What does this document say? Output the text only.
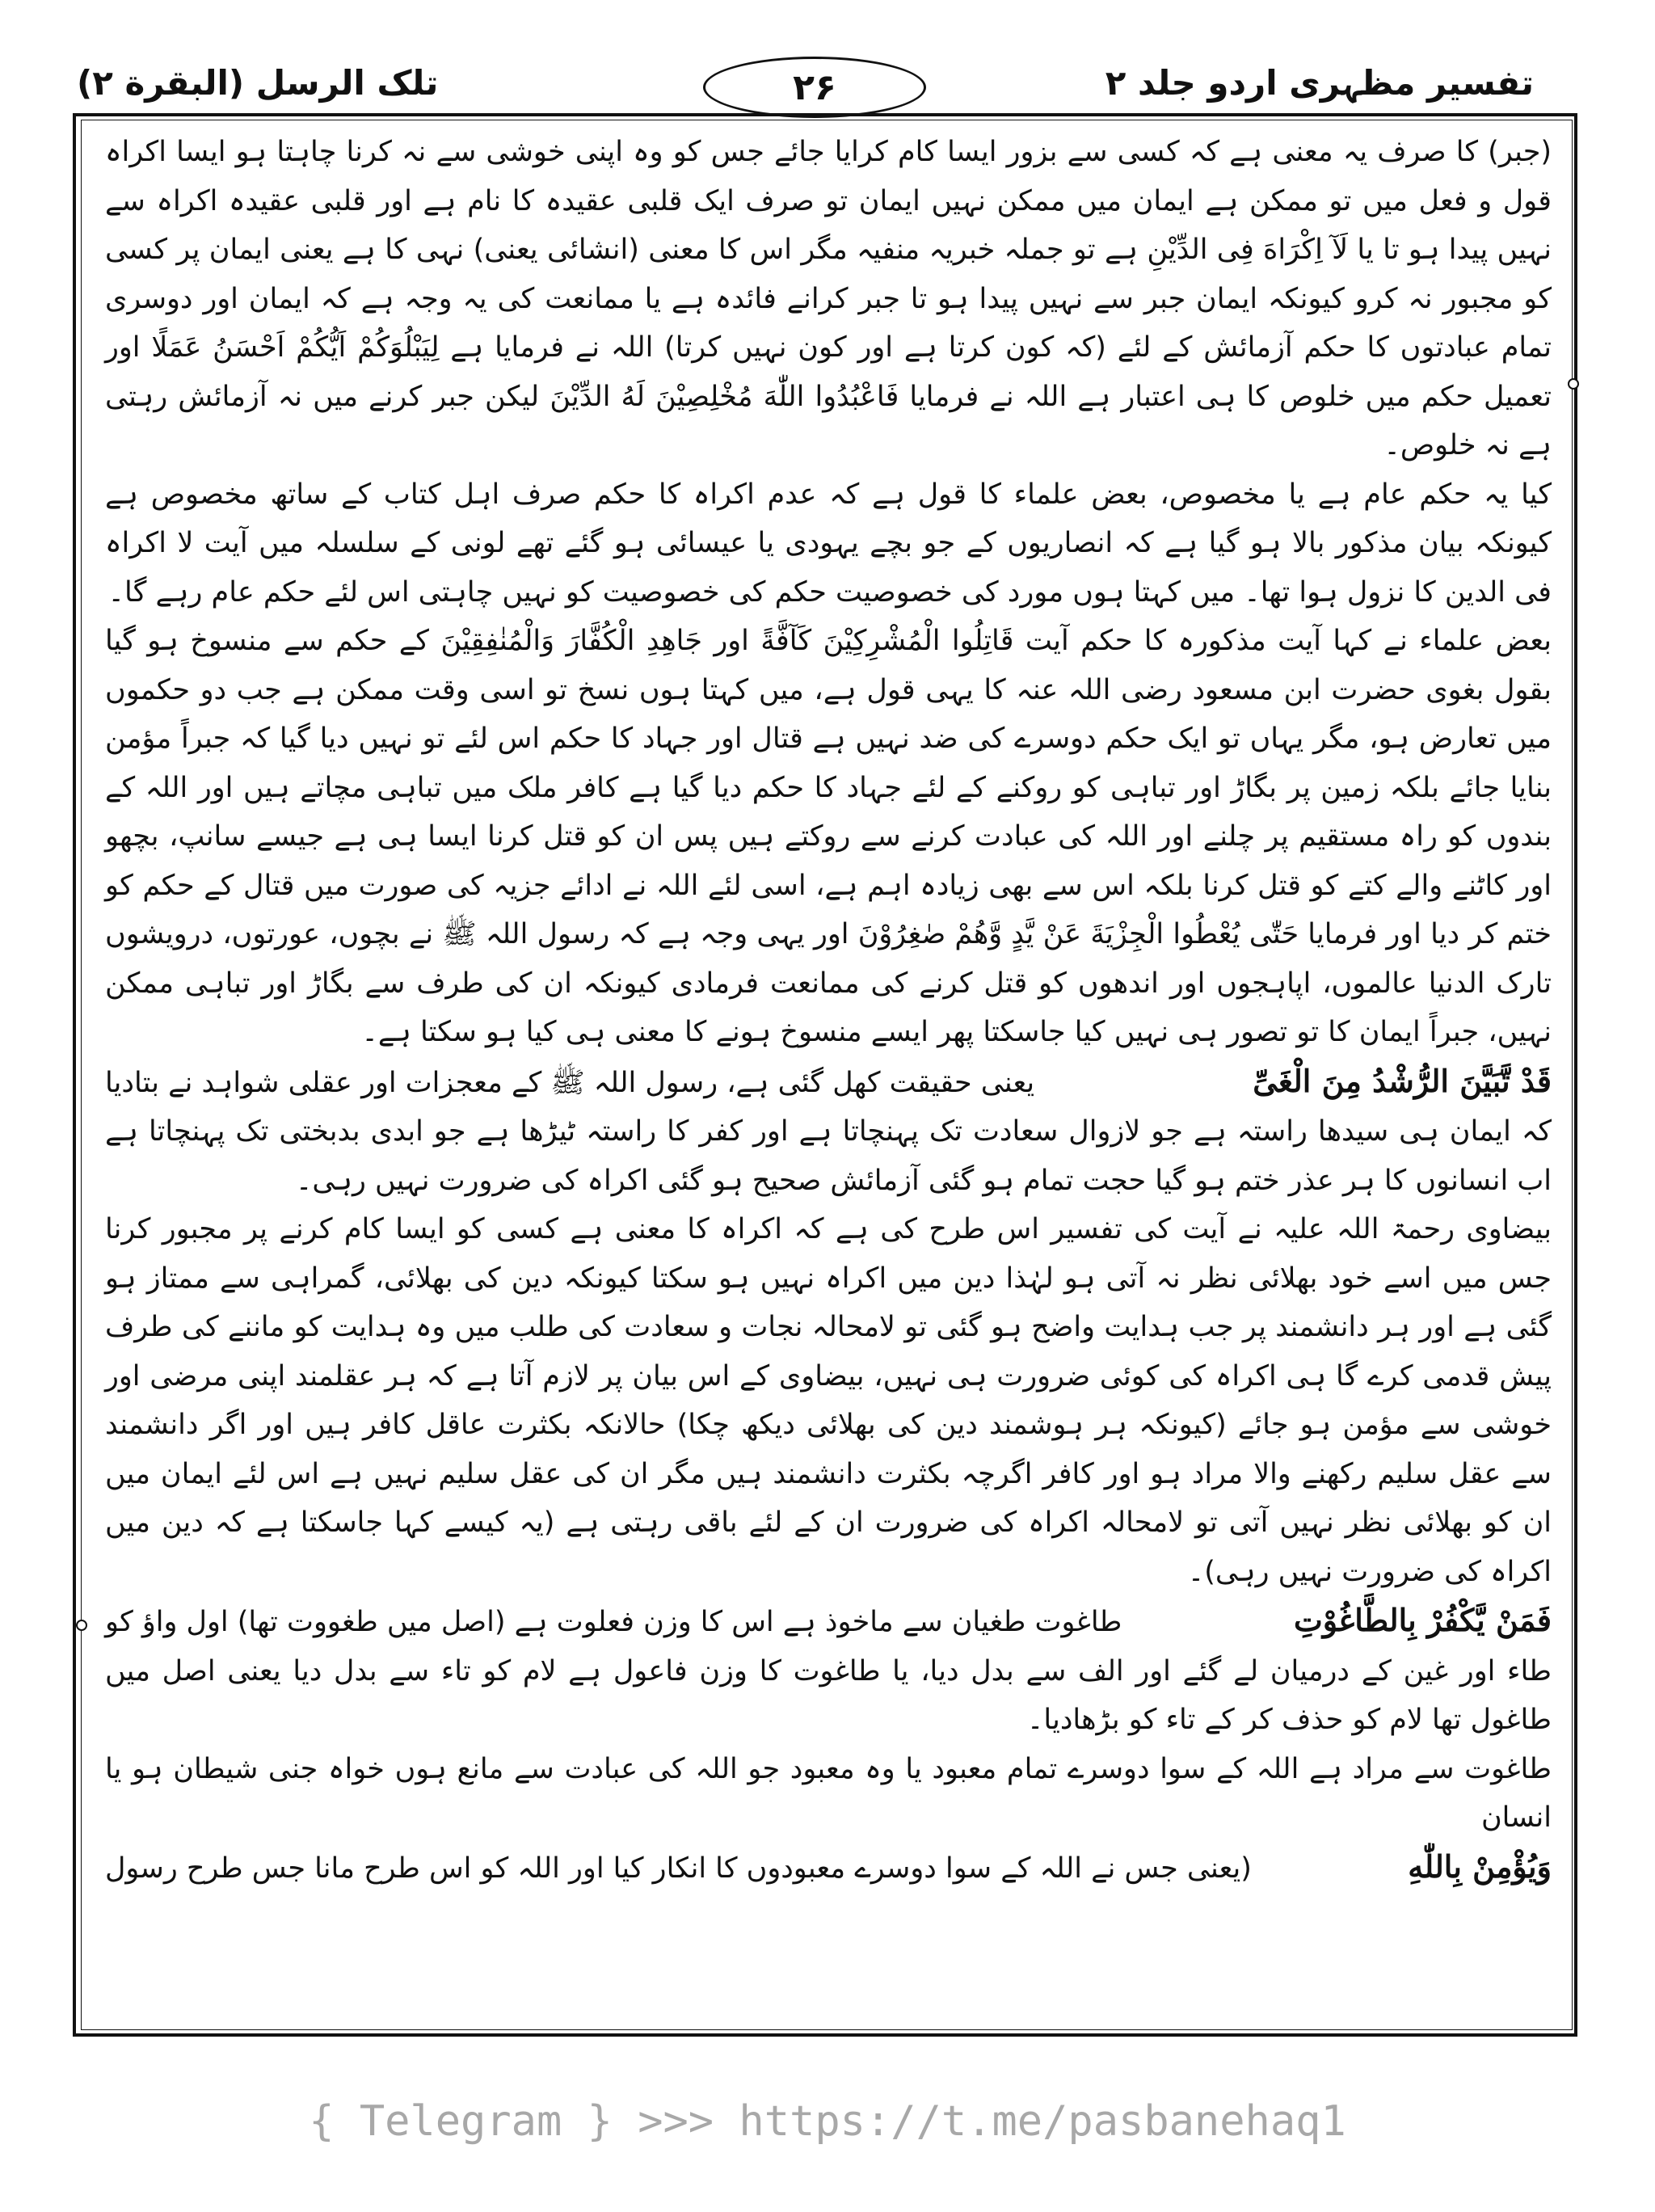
تفسیر مظہری اردو جلد ۲
۲۶
تلک الرسل (البقرة ۲)

(جبر) کا صرف یہ معنی ہے کہ کسی سے بزور ایسا کام کرایا جائے جس کو وہ اپنی خوشی سے نہ کرنا چاہتا ہو ایسا اکراہ قول و فعل میں تو ممکن ہے ایمان میں ممکن نہیں ایمان تو صرف ایک قلبی عقیدہ کا نام ہے اور قلبی عقیدہ اکراہ سے نہیں پیدا ہو تا یا لَآ اِکْرَاهَ فِی الدِّیْنِ ہے تو جملہ خبریہ منفیہ مگر اس کا معنی (انشائی یعنی) نہی کا ہے یعنی ایمان پر کسی کو مجبور نہ کرو کیونکہ ایمان جبر سے نہیں پیدا ہو تا جبر کرانے فائدہ ہے یا ممانعت کی یہ وجہ ہے کہ ایمان اور دوسری تمام عبادتوں کا حکم آزمائش کے لئے (کہ کون کرتا ہے اور کون نہیں کرتا) اللہ نے فرمایا ہے لِیَبْلُوَکُمْ اَیُّکُمْ اَحْسَنُ عَمَلًا اور تعمیل حکم میں خلوص کا ہی اعتبار ہے اللہ نے فرمایا فَاعْبُدُوا اللّٰهَ مُخْلِصِیْنَ لَهُ الدِّیْنَ لیکن جبر کرنے میں نہ آزمائش رہتی ہے نہ خلوص۔

کیا یہ حکم عام ہے یا مخصوص، بعض علماء کا قول ہے کہ عدم اکراہ کا حکم صرف اہل کتاب کے ساتھ مخصوص ہے کیونکہ بیان مذکور بالا ہو گیا ہے کہ انصاریوں کے جو بچے یہودی یا عیسائی ہو گئے تھے لونی کے سلسلہ میں آیت لا اکراہ فی الدین کا نزول ہوا تھا۔ میں کہتا ہوں مورد کی خصوصیت حکم کی خصوصیت کو نہیں چاہتی اس لئے حکم عام رہے گا۔

بعض علماء نے کہا آیت مذکورہ کا حکم آیت قَاتِلُوا الْمُشْرِکِیْنَ کَآفَّةً اور جَاهِدِ الْکُفَّارَ وَالْمُنٰفِقِیْنَ کے حکم سے منسوخ ہو گیا بقول بغوی حضرت ابن مسعود رضی اللہ عنہ کا یہی قول ہے، میں کہتا ہوں نسخ تو اسی وقت ممکن ہے جب دو حکموں میں تعارض ہو، مگر یہاں تو ایک حکم دوسرے کی ضد نہیں ہے قتال اور جہاد کا حکم اس لئے تو نہیں دیا گیا کہ جبراً مؤمن بنایا جائے بلکہ زمین پر بگاڑ اور تباہی کو روکنے کے لئے جہاد کا حکم دیا گیا ہے کافر ملک میں تباہی مچاتے ہیں اور اللہ کے بندوں کو راہ مستقیم پر چلنے اور اللہ کی عبادت کرنے سے روکتے ہیں پس ان کو قتل کرنا ایسا ہی ہے جیسے سانپ، بچھو اور کاٹنے والے کتے کو قتل کرنا بلکہ اس سے بھی زیادہ اہم ہے، اسی لئے اللہ نے ادائے جزیہ کی صورت میں قتال کے حکم کو ختم کر دیا اور فرمایا حَتّٰی یُعْطُوا الْجِزْیَةَ عَنْ یَّدٍ وَّهُمْ صٰغِرُوْنَ اور یہی وجہ ہے کہ رسول اللہ ﷺ نے بچوں، عورتوں، درویشوں تارک الدنیا عالموں، اپاہجوں اور اندھوں کو قتل کرنے کی ممانعت فرمادی کیونکہ ان کی طرف سے بگاڑ اور تباہی ممکن نہیں، جبراً ایمان کا تو تصور ہی نہیں کیا جاسکتا پھر ایسے منسوخ ہونے کا معنی ہی کیا ہو سکتا ہے۔

قَدْ تَّبَیَّنَ الرُّشْدُ مِنَ الْغَیِّ
یعنی حقیقت کھل گئی ہے، رسول اللہ ﷺ کے معجزات اور عقلی شواہد نے بتادیا

کہ ایمان ہی سیدھا راستہ ہے جو لازوال سعادت تک پہنچاتا ہے اور کفر کا راستہ ٹیڑھا ہے جو ابدی بدبختی تک پہنچاتا ہے اب انسانوں کا ہر عذر ختم ہو گیا حجت تمام ہو گئی آزمائش صحیح ہو گئی اکراہ کی ضرورت نہیں رہی۔

بیضاوی رحمۃ اللہ علیہ نے آیت کی تفسیر اس طرح کی ہے کہ اکراہ کا معنی ہے کسی کو ایسا کام کرنے پر مجبور کرنا جس میں اسے خود بھلائی نظر نہ آتی ہو لہٰذا دین میں اکراہ نہیں ہو سکتا کیونکہ دین کی بھلائی، گمراہی سے ممتاز ہو گئی ہے اور ہر دانشمند پر جب ہدایت واضح ہو گئی تو لامحالہ نجات و سعادت کی طلب میں وہ ہدایت کو ماننے کی طرف پیش قدمی کرے گا ہی اکراہ کی کوئی ضرورت ہی نہیں، بیضاوی کے اس بیان پر لازم آتا ہے کہ ہر عقلمند اپنی مرضی اور خوشی سے مؤمن ہو جائے (کیونکہ ہر ہوشمند دین کی بھلائی دیکھ چکا) حالانکہ بکثرت عاقل کافر ہیں اور اگر دانشمند سے عقل سلیم رکھنے والا مراد ہو اور کافر اگرچہ بکثرت دانشمند ہیں مگر ان کی عقل سلیم نہیں ہے اس لئے ایمان میں ان کو بھلائی نظر نہیں آتی تو لامحالہ اکراہ کی ضرورت ان کے لئے باقی رہتی ہے (یہ کیسے کہا جاسکتا ہے کہ دین میں اکراہ کی ضرورت نہیں رہی)۔

فَمَنْ یَّکْفُرْ بِالطَّاغُوْتِ
طاغوت طغیان سے ماخوذ ہے اس کا وزن فعلوت ہے (اصل میں طغووت تھا) اول واؤ کو

طاء اور غین کے درمیان لے گئے اور الف سے بدل دیا، یا طاغوت کا وزن فاعول ہے لام کو تاء سے بدل دیا یعنی اصل میں طاغول تھا لام کو حذف کر کے تاء کو بڑھادیا۔

طاغوت سے مراد ہے اللہ کے سوا دوسرے تمام معبود یا وہ معبود جو اللہ کی عبادت سے مانع ہوں خواہ جنی شیطان ہو یا انسان

وَیُؤْمِنْ بِاللّٰهِ
(یعنی جس نے اللہ کے سوا دوسرے معبودوں کا انکار کیا اور اللہ کو اس طرح مانا جس طرح رسول
{ Telegram } >>> https://t.me/pasbanehaq1
